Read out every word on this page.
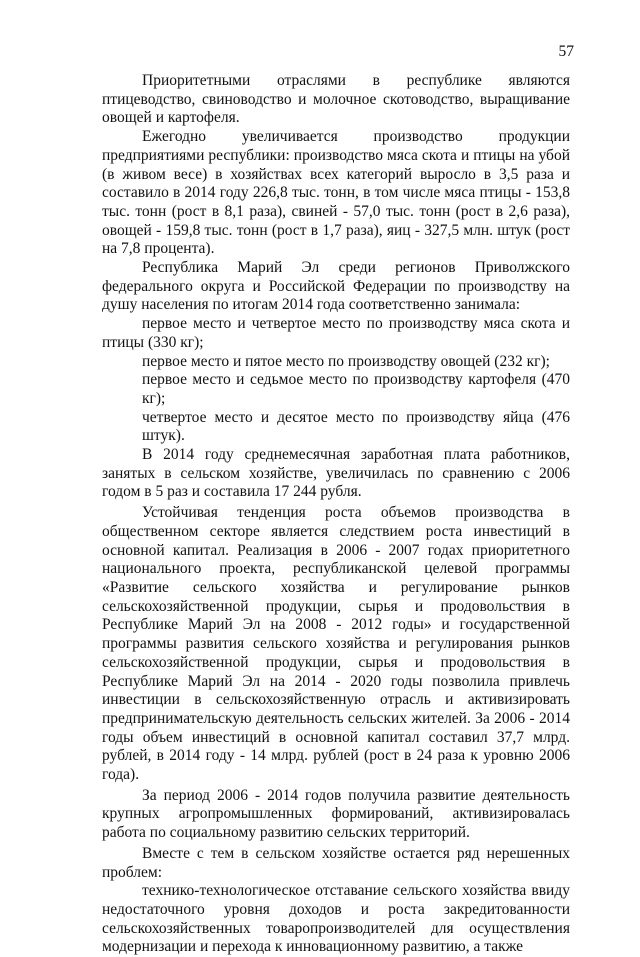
57

Приоритетными отраслями в республике являются птицеводство, свиноводство и молочное скотоводство, выращивание овощей и картофеля.

Ежегодно увеличивается производство продукции предприятиями республики: производство мяса скота и птицы на убой (в живом весе) в хозяйствах всех категорий выросло в 3,5 раза и составило в 2014 году 226,8 тыс. тонн, в том числе мяса птицы - 153,8 тыс. тонн (рост в 8,1 раза), свиней - 57,0 тыс. тонн (рост в 2,6 раза), овощей - 159,8 тыс. тонн (рост в 1,7 раза), яиц - 327,5 млн. штук (рост на 7,8 процента).

Республика Марий Эл среди регионов Приволжского федерального округа и Российской Федерации по производству на душу населения по итогам 2014 года соответственно занимала:

первое место и четвертое место по производству мяса скота и птицы (330 кг);

первое место и пятое место по производству овощей (232 кг);

первое место и седьмое место по производству картофеля (470 кг);

четвертое место и десятое место по производству яйца (476 штук).

В 2014 году среднемесячная заработная плата работников, занятых в сельском хозяйстве, увеличилась по сравнению с 2006 годом в 5 раз и составила 17 244 рубля.

Устойчивая тенденция роста объемов производства в общественном секторе является следствием роста инвестиций в основной капитал. Реализация в 2006 - 2007 годах приоритетного национального проекта, республиканской целевой программы «Развитие сельского хозяйства и регулирование рынков сельскохозяйственной продукции, сырья и продовольствия в Республике Марий Эл на 2008 - 2012 годы» и государственной программы развития сельского хозяйства и регулирования рынков сельскохозяйственной продукции, сырья и продовольствия в Республике Марий Эл на 2014 - 2020 годы позволила привлечь инвестиции в сельскохозяйственную отрасль и активизировать предпринимательскую деятельность сельских жителей. За 2006 - 2014 годы объем инвестиций в основной капитал составил 37,7 млрд. рублей, в 2014 году - 14 млрд. рублей (рост в 24 раза к уровню 2006 года).

За период 2006 - 2014 годов получила развитие деятельность крупных агропромышленных формирований, активизировалась работа по социальному развитию сельских территорий.

Вместе с тем в сельском хозяйстве остается ряд нерешенных проблем:

технико-технологическое отставание сельского хозяйства ввиду недостаточного уровня доходов и роста закредитованности сельскохозяйственных товаропроизводителей для осуществления модернизации и перехода к инновационному развитию, а также
